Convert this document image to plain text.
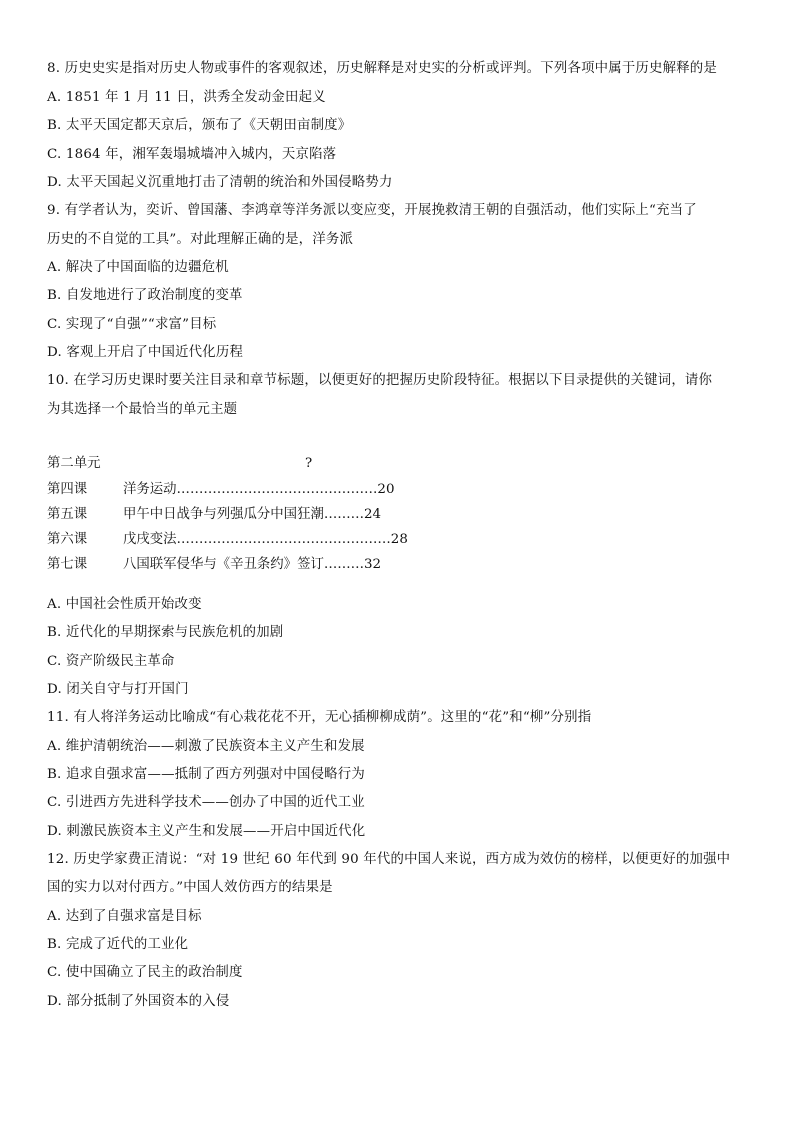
8. 历史史实是指对历史人物或事件的客观叙述，历史解释是对史实的分析或评判。下列各项中属于历史解释的是
A. 1851 年 1 月 11 日，洪秀全发动金田起义
B. 太平天国定都天京后，颁布了《天朝田亩制度》
C. 1864 年，湘军轰塌城墙冲入城内，天京陷落
D. 太平天国起义沉重地打击了清朝的统治和外国侵略势力
9. 有学者认为，奕䜣、曾国藩、李鸿章等洋务派以变应变，开展挽救清王朝的自强活动，他们实际上“充当了
历史的不自觉的工具”。对此理解正确的是，洋务派
A. 解决了中国面临的边疆危机
B. 自发地进行了政治制度的变革
C. 实现了“自强”“求富”目标
D. 客观上开启了中国近代化历程
10. 在学习历史课时要关注目录和章节标题，以便更好的把握历史阶段特征。根据以下目录提供的关键词，请你
为其选择一个最恰当的单元主题
第二单元	?
第四课	洋务运动………………………………………20
第五课	甲午中日战争与列强瓜分中国狂潮………24
第六课	戊戌变法…………………………………………28
第七课	八国联军侵华与《辛丑条约》签订………32
A. 中国社会性质开始改变
B. 近代化的早期探索与民族危机的加剧
C. 资产阶级民主革命
D. 闭关自守与打开国门
11. 有人将洋务运动比喻成“有心栽花花不开，无心插柳柳成荫”。这里的“花”和“柳”分别指
A. 维护清朝统治——刺激了民族资本主义产生和发展
B. 追求自强求富——抵制了西方列强对中国侵略行为
C. 引进西方先进科学技术——创办了中国的近代工业
D. 刺激民族资本主义产生和发展——开启中国近代化
12. 历史学家费正清说：“对 19 世纪 60 年代到 90 年代的中国人来说，西方成为效仿的榜样，以便更好的加强中
国的实力以对付西方。”中国人效仿西方的结果是
A. 达到了自强求富是目标
B. 完成了近代的工业化
C. 使中国确立了民主的政治制度
D. 部分抵制了外国资本的入侵
